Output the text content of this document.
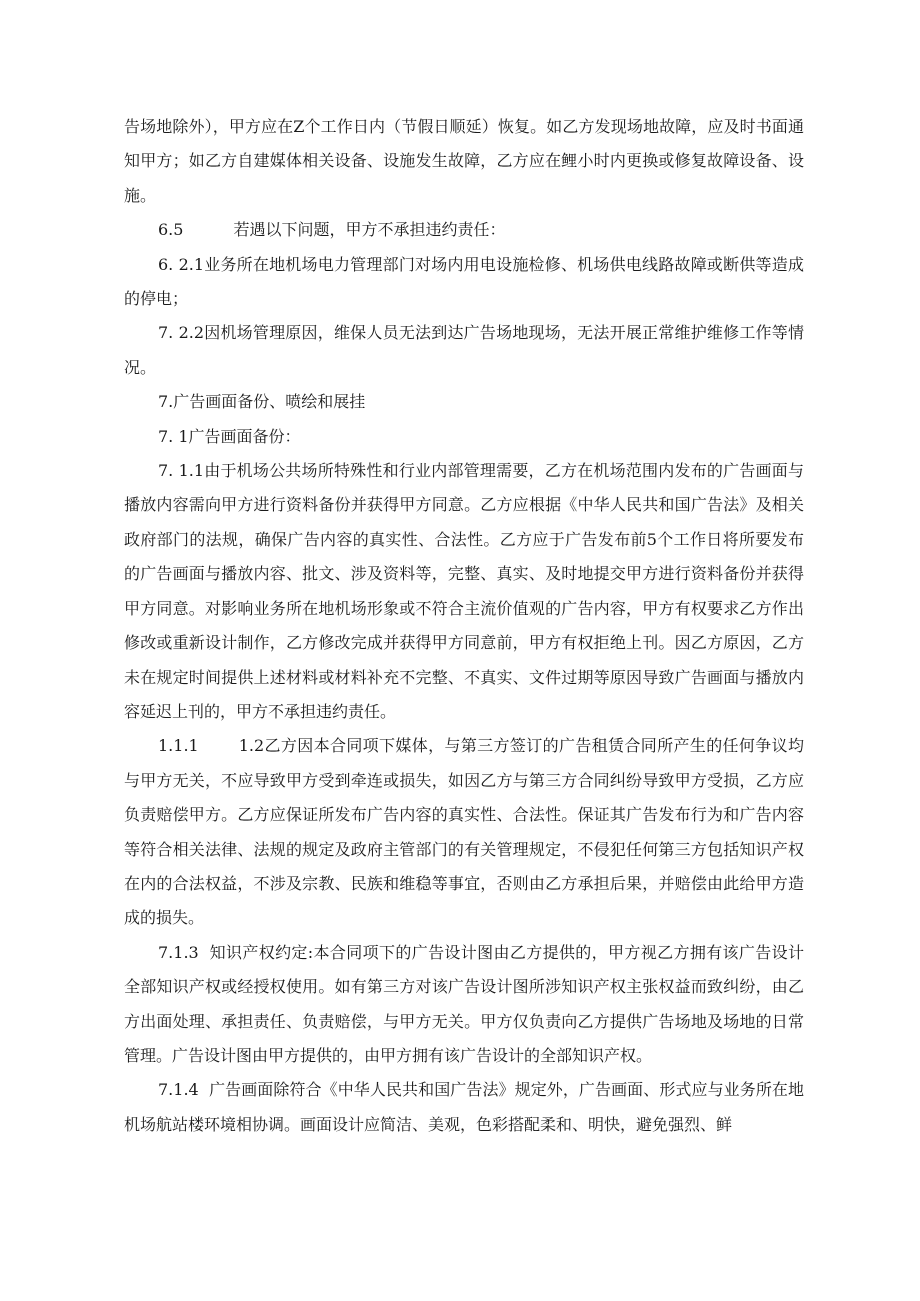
告场地除外），甲方应在Z个工作日内（节假日顺延）恢复。如乙方发现场地故障，应及时书面通知甲方；如乙方自建媒体相关设备、设施发生故障，乙方应在鲤小时内更换或修复故障设备、设施。

6.5	若遇以下问题，甲方不承担违约责任：

6. 2.1业务所在地机场电力管理部门对场内用电设施检修、机场供电线路故障或断供等造成的停电；

7. 2.2因机场管理原因，维保人员无法到达广告场地现场，无法开展正常维护维修工作等情况。

7.广告画面备份、喷绘和展挂

7. 1广告画面备份：

7. 1.1由于机场公共场所特殊性和行业内部管理需要，乙方在机场范围内发布的广告画面与播放内容需向甲方进行资料备份并获得甲方同意。乙方应根据《中华人民共和国广告法》及相关政府部门的法规，确保广告内容的真实性、合法性。乙方应于广告发布前5个工作日将所要发布的广告画面与播放内容、批文、涉及资料等，完整、真实、及时地提交甲方进行资料备份并获得甲方同意。对影响业务所在地机场形象或不符合主流价值观的广告内容，甲方有权要求乙方作出修改或重新设计制作，乙方修改完成并获得甲方同意前，甲方有权拒绝上刊。因乙方原因，乙方未在规定时间提供上述材料或材料补充不完整、不真实、文件过期等原因导致广告画面与播放内容延迟上刊的，甲方不承担违约责任。

1.1.1	1.2乙方因本合同项下媒体，与第三方签订的广告租赁合同所产生的任何争议均与甲方无关，不应导致甲方受到牵连或损失，如因乙方与第三方合同纠纷导致甲方受损，乙方应负责赔偿甲方。乙方应保证所发布广告内容的真实性、合法性。保证其广告发布行为和广告内容等符合相关法律、法规的规定及政府主管部门的有关管理规定，不侵犯任何第三方包括知识产权在内的合法权益，不涉及宗教、民族和维稳等事宜，否则由乙方承担后果，并赔偿由此给甲方造成的损失。

7.1.3 知识产权约定:本合同项下的广告设计图由乙方提供的，甲方视乙方拥有该广告设计全部知识产权或经授权使用。如有第三方对该广告设计图所涉知识产权主张权益而致纠纷，由乙方出面处理、承担责任、负责赔偿，与甲方无关。甲方仅负责向乙方提供广告场地及场地的日常管理。广告设计图由甲方提供的，由甲方拥有该广告设计的全部知识产权。

7.1.4 广告画面除符合《中华人民共和国广告法》规定外，广告画面、形式应与业务所在地机场航站楼环境相协调。画面设计应简洁、美观，色彩搭配柔和、明快，避免强烈、鲜
